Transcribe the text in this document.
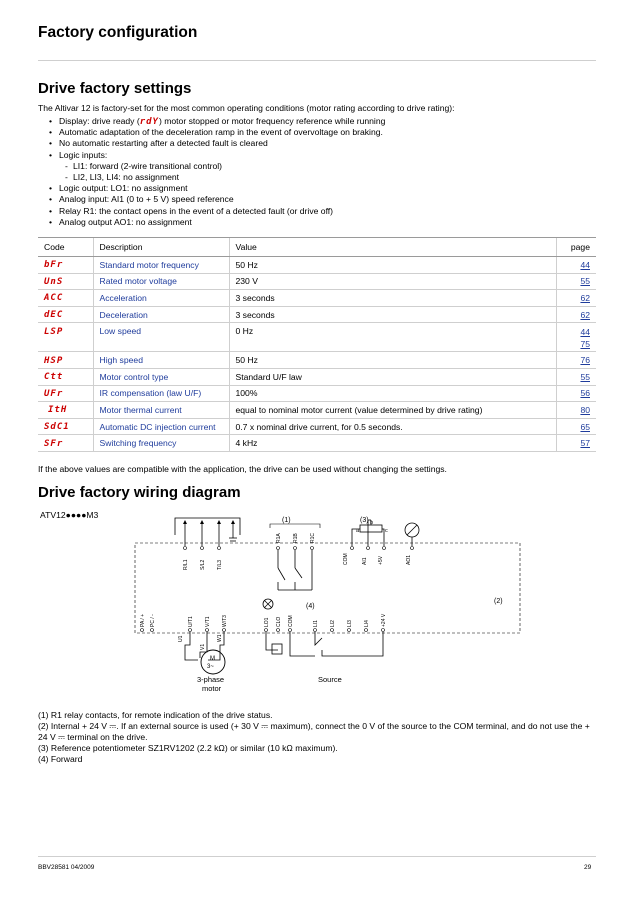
Factory configuration
Drive factory settings
The Altivar 12 is factory-set for the most common operating conditions (motor rating according to drive rating):
• Display: drive ready (rdY) motor stopped or motor frequency reference while running
• Automatic adaptation of the deceleration ramp in the event of overvoltage on braking.
• No automatic restarting after a detected fault is cleared
• Logic inputs:
- LI1: forward (2-wire transitional control)
- LI2, LI3, LI4: no assignment
• Logic output: LO1: no assignment
• Analog input: AI1 (0 to + 5 V) speed reference
• Relay R1: the contact opens in the event of a detected fault (or drive off)
• Analog output AO1: no assignment
Code	Description	Value	page
bFr	Standard motor frequency	50 Hz	44

UnS	Rated motor voltage	230 V	55

ACC	Acceleration	3 seconds	62

dEC	Deceleration	3 seconds	62

LSP	Low speed	0 Hz	44
75

HSP	High speed	50 Hz	76

Ctt	Motor control type	Standard U/F law	55

UFr	IR compensation (law U/F)	100%	56

ItH	Motor thermal current	equal to nominal motor current (value determined by drive rating)	80

SdC1	Automatic DC injection current	0.7 x nominal drive current, for 0.5 seconds.	65

SFr	Switching frequency	4 kHz	57
If the above values are compatible with the application, the drive can be used without changing the settings.
Drive factory wiring diagram
ATV12●●●●M3
R/L1 S/L2 T/L3
(1)
R1A R1B R1C
(3)
a
b
c
COM	AI1 +5V	AO1
PA / + PC / -	U/T1 V/T1 W/T3
U1
V1
W1
M
3~
3-phase
motor
(4)
(2)
LO1 CLO COM	LI1 LI2 LI3 LI4 +24 V
Source
(1) R1 relay contacts, for remote indication of the drive status.
(2) Internal + 24 V ⎓. If an external source is used (+ 30 V ⎓ maximum), connect the 0 V of the source to the COM terminal, and do not use the + 24 V ⎓ terminal on the drive.
(3) Reference potentiometer SZ1RV1202 (2.2 kΩ) or similar (10 kΩ maximum).
(4) Forward
BBV28581 04/2009	29
